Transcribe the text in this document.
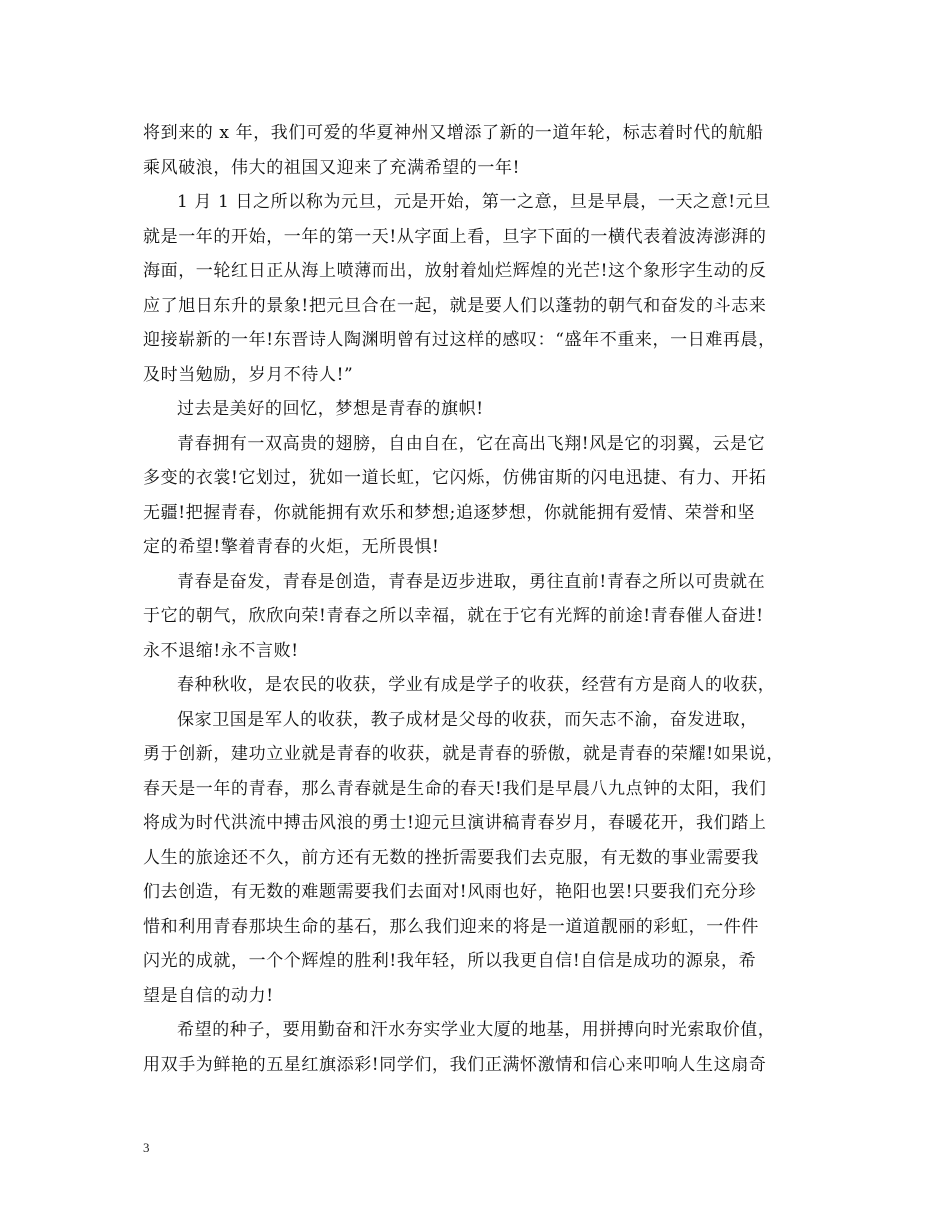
将到来的 x 年，我们可爱的华夏神州又增添了新的一道年轮，标志着时代的航船
乘风破浪，伟大的祖国又迎来了充满希望的一年!
1 月 1 日之所以称为元旦，元是开始，第一之意，旦是早晨，一天之意!元旦
就是一年的开始，一年的第一天!从字面上看，旦字下面的一横代表着波涛澎湃的
海面，一轮红日正从海上喷薄而出，放射着灿烂辉煌的光芒!这个象形字生动的反
应了旭日东升的景象!把元旦合在一起，就是要人们以蓬勃的朝气和奋发的斗志来
迎接崭新的一年!东晋诗人陶渊明曾有过这样的感叹：“盛年不重来，一日难再晨，
及时当勉励，岁月不待人!”
过去是美好的回忆，梦想是青春的旗帜!
青春拥有一双高贵的翅膀，自由自在，它在高出飞翔!风是它的羽翼，云是它
多变的衣裳!它划过，犹如一道长虹，它闪烁，仿佛宙斯的闪电迅捷、有力、开拓
无疆!把握青春，你就能拥有欢乐和梦想;追逐梦想，你就能拥有爱情、荣誉和坚
定的希望!擎着青春的火炬，无所畏惧!
青春是奋发，青春是创造，青春是迈步进取，勇往直前!青春之所以可贵就在
于它的朝气，欣欣向荣!青春之所以幸福，就在于它有光辉的前途!青春催人奋进!
永不退缩!永不言败!
春种秋收，是农民的收获，学业有成是学子的收获，经营有方是商人的收获，
保家卫国是军人的收获，教子成材是父母的收获，而矢志不渝，奋发进取，
勇于创新，建功立业就是青春的收获，就是青春的骄傲，就是青春的荣耀!如果说，
春天是一年的青春，那么青春就是生命的春天!我们是早晨八九点钟的太阳，我们
将成为时代洪流中搏击风浪的勇士!迎元旦演讲稿青春岁月，春暖花开，我们踏上
人生的旅途还不久，前方还有无数的挫折需要我们去克服，有无数的事业需要我
们去创造，有无数的难题需要我们去面对!风雨也好，艳阳也罢!只要我们充分珍
惜和利用青春那块生命的基石，那么我们迎来的将是一道道靓丽的彩虹，一件件
闪光的成就，一个个辉煌的胜利!我年轻，所以我更自信!自信是成功的源泉，希
望是自信的动力!
希望的种子，要用勤奋和汗水夯实学业大厦的地基，用拼搏向时光索取价值，
用双手为鲜艳的五星红旗添彩!同学们，我们正满怀激情和信心来叩响人生这扇奇
3
